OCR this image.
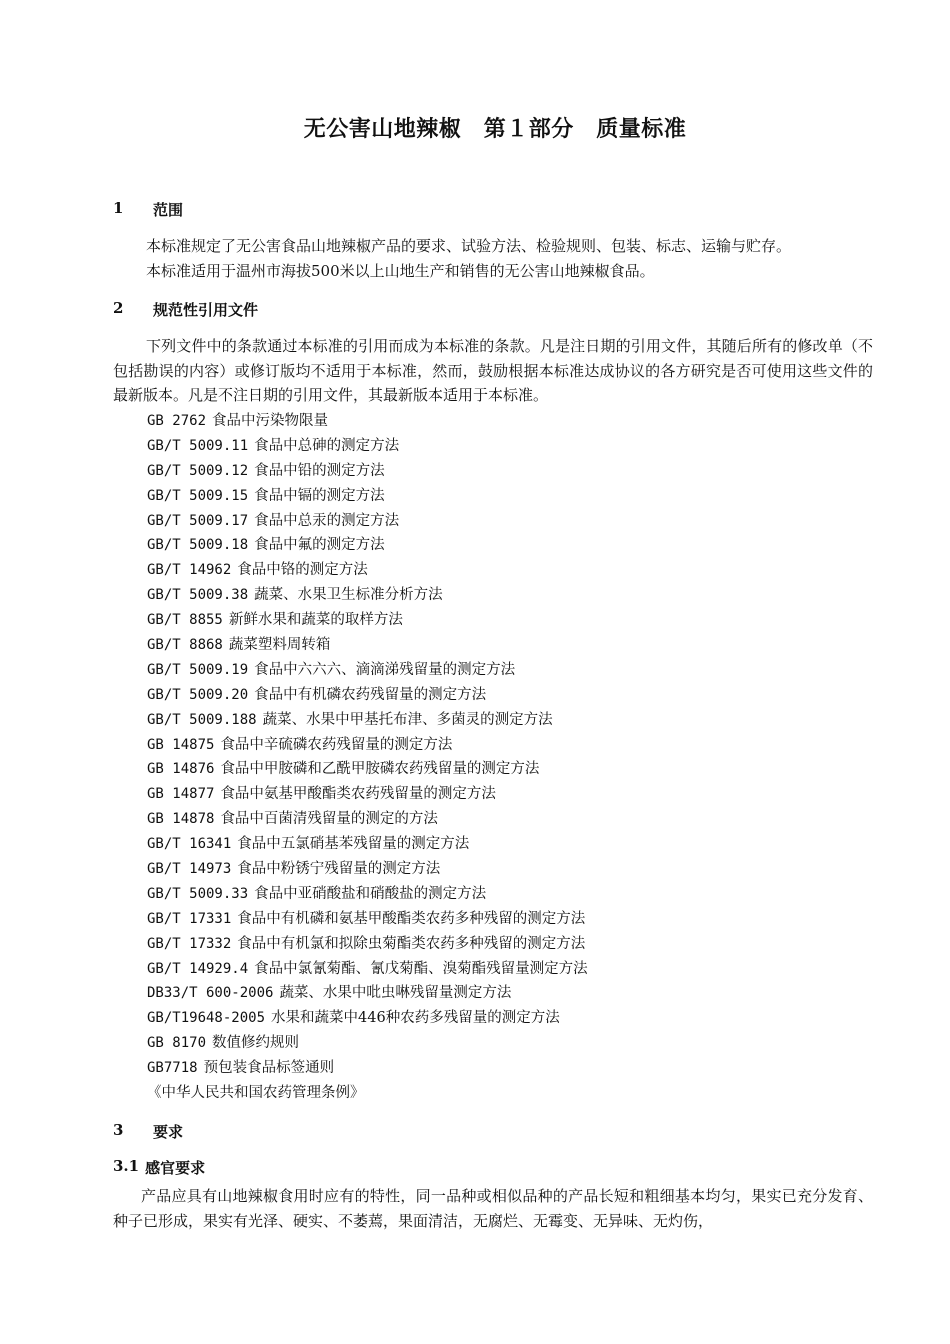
无公害山地辣椒　第１部分　质量标准
1	范围

本标准规定了无公害食品山地辣椒产品的要求、试验方法、检验规则、包装、标志、运输与贮存。

本标准适用于温州市海拔500米以上山地生产和销售的无公害山地辣椒食品。

2	规范性引用文件

下列文件中的条款通过本标准的引用而成为本标准的条款。凡是注日期的引用文件，其随后所有的修改单（不包括勘误的内容）或修订版均不适用于本标准，然而，鼓励根据本标准达成协议的各方研究是否可使用这些文件的最新版本。凡是不注日期的引用文件，其最新版本适用于本标准。

GB 2762 食品中污染物限量
GB/T 5009.11 食品中总砷的测定方法
GB/T 5009.12 食品中铅的测定方法
GB/T 5009.15 食品中镉的测定方法
GB/T 5009.17 食品中总汞的测定方法
GB/T 5009.18 食品中氟的测定方法
GB/T 14962 食品中铬的测定方法
GB/T 5009.38 蔬菜、水果卫生标准分析方法
GB/T 8855 新鲜水果和蔬菜的取样方法
GB/T 8868 蔬菜塑料周转箱
GB/T 5009.19 食品中六六六、滴滴涕残留量的测定方法
GB/T 5009.20 食品中有机磷农药残留量的测定方法
GB/T 5009.188 蔬菜、水果中甲基托布津、多菌灵的测定方法
GB 14875 食品中辛硫磷农药残留量的测定方法
GB 14876 食品中甲胺磷和乙酰甲胺磷农药残留量的测定方法
GB 14877 食品中氨基甲酸酯类农药残留量的测定方法
GB 14878 食品中百菌清残留量的测定的方法
GB/T 16341 食品中五氯硝基苯残留量的测定方法
GB/T 14973 食品中粉锈宁残留量的测定方法
GB/T 5009.33 食品中亚硝酸盐和硝酸盐的测定方法
GB/T 17331 食品中有机磷和氨基甲酸酯类农药多种残留的测定方法
GB/T 17332 食品中有机氯和拟除虫菊酯类农药多种残留的测定方法
GB/T 14929.4 食品中氯氰菊酯、氰戊菊酯、溴菊酯残留量测定方法
DB33/T 600-2006 蔬菜、水果中吡虫啉残留量测定方法
GB/T19648-2005 水果和蔬菜中446种农药多残留量的测定方法
GB 8170 数值修约规则
GB7718 预包装食品标签通则
《中华人民共和国农药管理条例》
3	要求
3.1 感官要求

产品应具有山地辣椒食用时应有的特性，同一品种或相似品种的产品长短和粗细基本均匀，果实已充分发育、种子已形成，果实有光泽、硬实、不萎蔫，果面清洁，无腐烂、无霉变、无异味、无灼伤，
